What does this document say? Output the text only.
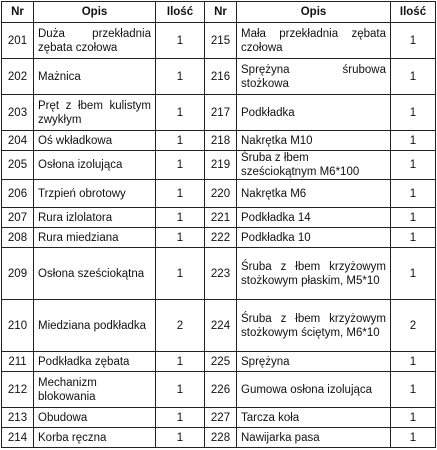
Nr	Opis	Ilość	Nr	Opis	Ilość
201	Duża przekładnia zębata czołowa	1	215	Mała przekładnia zębata czołowa	1
202	Mażnica	1	216	Sprężyna śrubowa stożkowa	1
203	Pręt z łbem kulistym zwykłym	1	217	Podkładka	1
204	Oś wkładkowa	1	218	Nakrętka M10	1
205	Osłona izolująca	1	219	Śruba z łbem sześciokątnym M6*100	1
206	Trzpień obrotowy	1	220	Nakrętka M6	1
207	Rura izlolatora	1	221	Podkładka 14	1
208	Rura miedziana	1	222	Podkładka 10	1
209	Osłona sześciokątna	1	223	Śruba z łbem krzyżowym stożkowym płaskim, M5*10	1
210	Miedziana podkładka	2	224	Śruba z łbem krzyżowym stożkowym ściętym, M6*10	2
211	Podkładka zębata	1	225	Sprężyna	1
212	Mechanizm blokowania	1	226	Gumowa osłona izolująca	1
213	Obudowa	1	227	Tarcza koła	1
214	Korba ręczna	1	228	Nawijarka pasa	1
